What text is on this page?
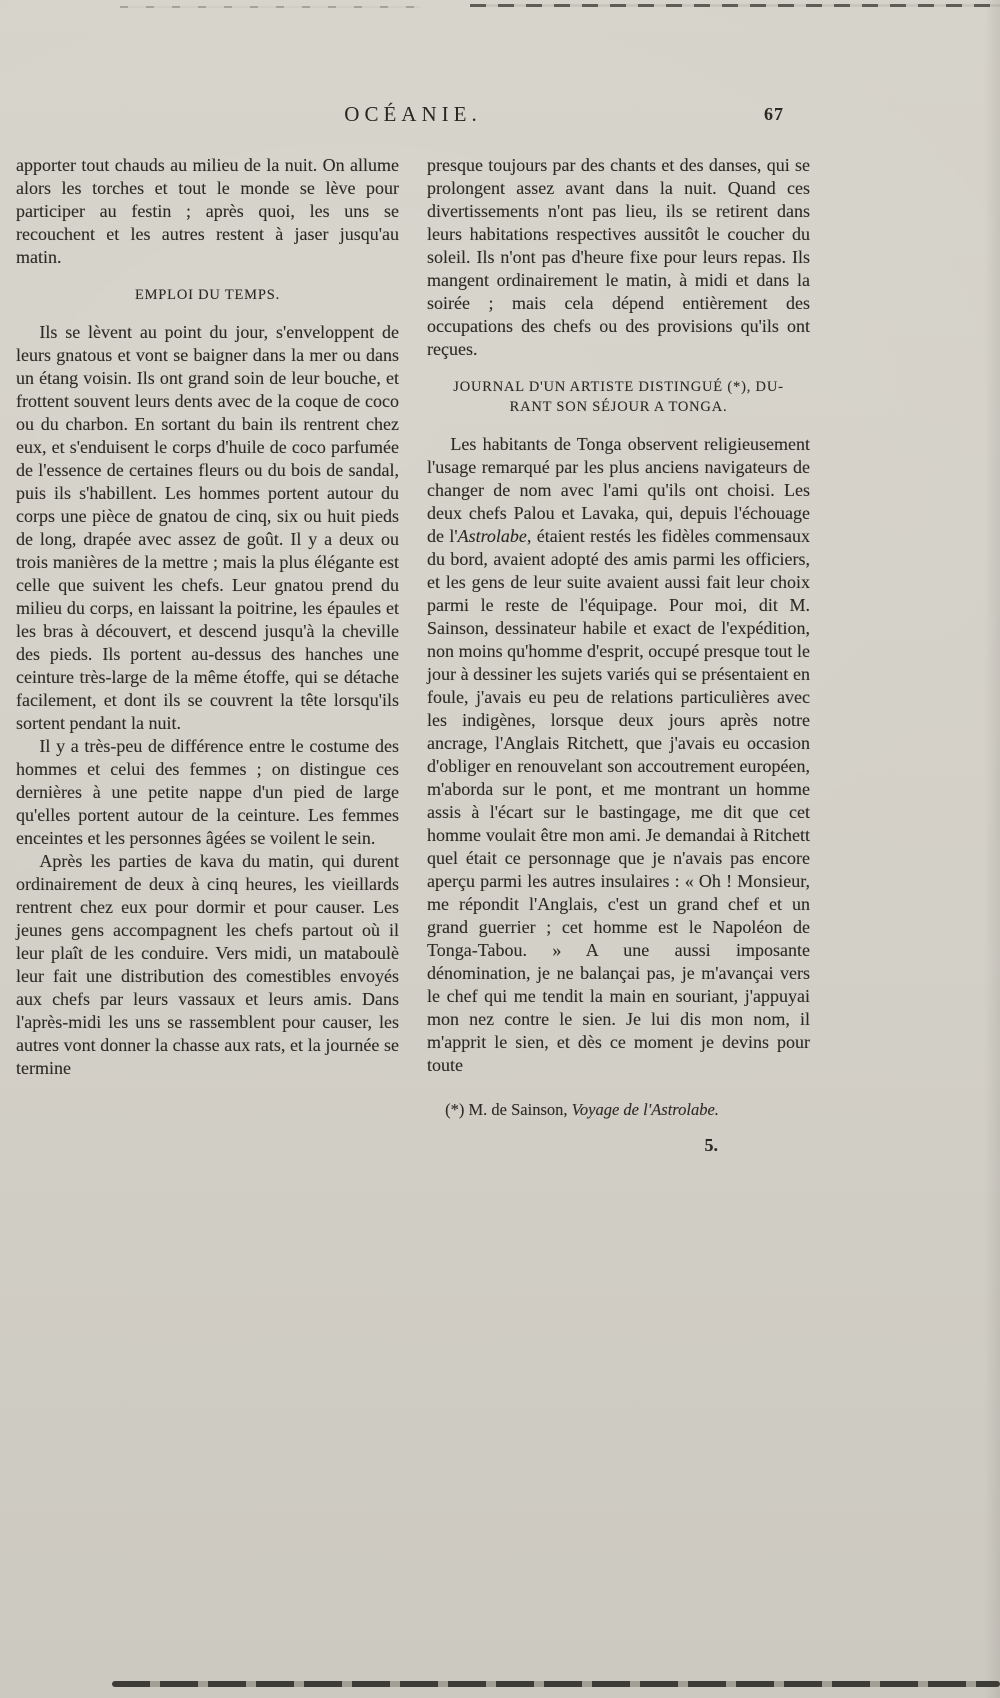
OCÉANIE.	67

apporter tout chauds au milieu de la nuit. On allume alors les torches et tout le monde se lève pour participer au festin ; après quoi, les uns se recouchent et les autres restent à jaser jusqu'au matin.

EMPLOI DU TEMPS.

Ils se lèvent au point du jour, s'enveloppent de leurs gnatous et vont se baigner dans la mer ou dans un étang voisin. Ils ont grand soin de leur bouche, et frottent souvent leurs dents avec de la coque de coco ou du charbon. En sortant du bain ils rentrent chez eux, et s'enduisent le corps d'huile de coco parfumée de l'essence de certaines fleurs ou du bois de sandal, puis ils s'habillent. Les hommes portent autour du corps une pièce de gnatou de cinq, six ou huit pieds de long, drapée avec assez de goût. Il y a deux ou trois manières de la mettre ; mais la plus élégante est celle que suivent les chefs. Leur gnatou prend du milieu du corps, en laissant la poitrine, les épaules et les bras à découvert, et descend jusqu'à la cheville des pieds. Ils portent au-dessus des hanches une ceinture très-large de la même étoffe, qui se détache facilement, et dont ils se couvrent la tête lorsqu'ils sortent pendant la nuit.

Il y a très-peu de différence entre le costume des hommes et celui des femmes ; on distingue ces dernières à une petite nappe d'un pied de large qu'elles portent autour de la ceinture. Les femmes enceintes et les personnes âgées se voilent le sein.

Après les parties de kava du matin, qui durent ordinairement de deux à cinq heures, les vieillards rentrent chez eux pour dormir et pour causer. Les jeunes gens accompagnent les chefs partout où il leur plaît de les conduire. Vers midi, un mataboulè leur fait une distribution des comestibles envoyés aux chefs par leurs vassaux et leurs amis. Dans l'après-midi les uns se rassemblent pour causer, les autres vont donner la chasse aux rats, et la journée se termine

presque toujours par des chants et des danses, qui se prolongent assez avant dans la nuit. Quand ces divertissements n'ont pas lieu, ils se retirent dans leurs habitations respectives aussitôt le coucher du soleil. Ils n'ont pas d'heure fixe pour leurs repas. Ils mangent ordinairement le matin, à midi et dans la soirée ; mais cela dépend entièrement des occupations des chefs ou des provisions qu'ils ont reçues.

JOURNAL D'UN ARTISTE DISTINGUÉ (*), DU-
RANT SON SÉJOUR A TONGA.

Les habitants de Tonga observent religieusement l'usage remarqué par les plus anciens navigateurs de changer de nom avec l'ami qu'ils ont choisi. Les deux chefs Palou et Lavaka, qui, depuis l'échouage de l'Astrolabe, étaient restés les fidèles commensaux du bord, avaient adopté des amis parmi les officiers, et les gens de leur suite avaient aussi fait leur choix parmi le reste de l'équipage. Pour moi, dit M. Sainson, dessinateur habile et exact de l'expédition, non moins qu'homme d'esprit, occupé presque tout le jour à dessiner les sujets variés qui se présentaient en foule, j'avais eu peu de relations particulières avec les indigènes, lorsque deux jours après notre ancrage, l'Anglais Ritchett, que j'avais eu occasion d'obliger en renouvelant son accoutrement européen, m'aborda sur le pont, et me montrant un homme assis à l'écart sur le bastingage, me dit que cet homme voulait être mon ami. Je demandai à Ritchett quel était ce personnage que je n'avais pas encore aperçu parmi les autres insulaires : « Oh ! Monsieur, me répondit l'Anglais, c'est un grand chef et un grand guerrier ; cet homme est le Napoléon de Tonga-Tabou. » A une aussi imposante dénomination, je ne balançai pas, je m'avançai vers le chef qui me tendit la main en souriant, j'appuyai mon nez contre le sien. Je lui dis mon nom, il m'apprit le sien, et dès ce moment je devins pour toute

(*) M. de Sainson, Voyage de l'Astrolabe.

5.
